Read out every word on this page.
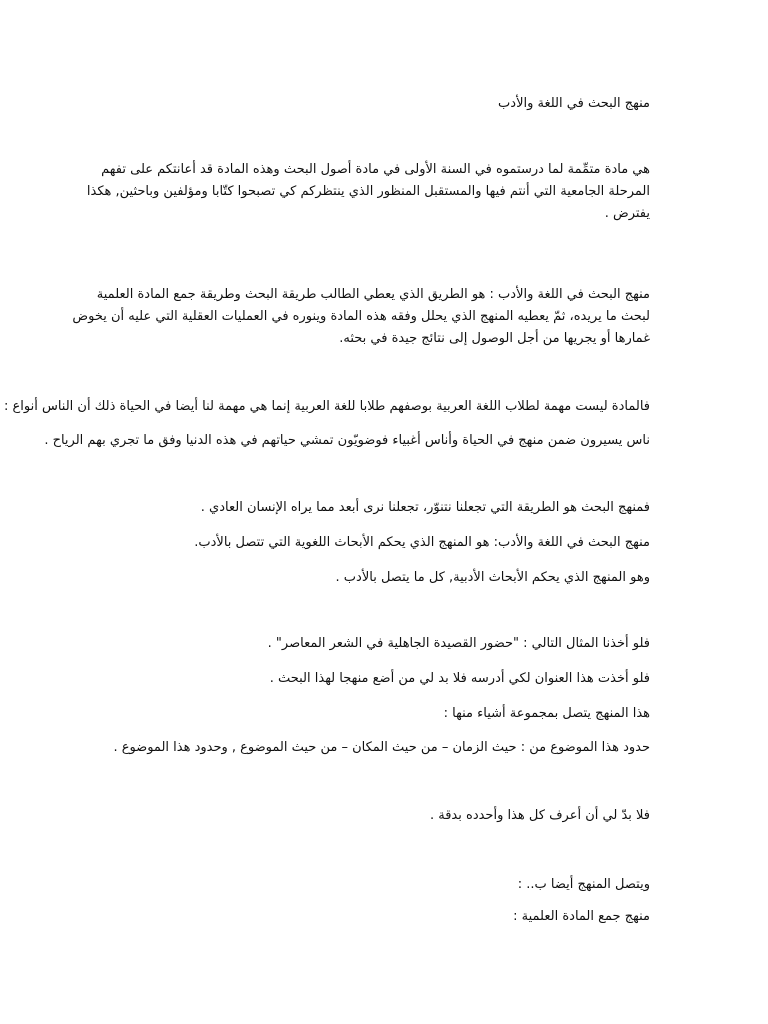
منهج البحث في اللغة والأدب

هي مادة متمِّمة لما درستموه في السنة الأولى في مادة أصول البحث وهذه المادة قد أعانتكم على تفهم المرحلة الجامعية التي أنتم فيها والمستقبل المنظور الذي ينتظركم كي تصبحوا كتّابا ومؤلفين وباحثين, هكذا يفترض .

منهج البحث في اللغة والأدب : هو الطريق الذي يعطي الطالب طريقة البحث وطريقة جمع المادة العلمية لبحث ما يريده، ثمّ يعطيه المنهج الذي يحلل وفقه هذه المادة وينوره في العمليات العقلية التي عليه أن يخوض غمارها أو يجريها من أجل الوصول إلى نتائج جيدة في بحثه.

فالمادة ليست مهمة لطلاب اللغة العربية بوصفهم طلابا للغة العربية إنما هي مهمة لنا أيضا في الحياة ذلك أن الناس أنواع :

ناس يسيرون ضمن منهج في الحياة وأناس أغبياء فوضويّون تمشي حياتهم في هذه الدنيا وفق ما تجري بهم الرياح .

فمنهج البحث هو الطريقة التي تجعلنا نتنوّر، تجعلنا نرى أبعد مما يراه الإنسان العادي .

منهج البحث في اللغة والأدب: هو المنهج الذي يحكم الأبحاث اللغوية التي تتصل بالأدب.

وهو المنهج الذي يحكم الأبحاث الأدبية, كل ما يتصل بالأدب .

فلو أخذنا المثال التالي : "حضور القصيدة الجاهلية في الشعر المعاصر" .

فلو أخذت هذا العنوان لكي أدرسه فلا بد لي من أضع منهجا لهذا البحث .

هذا المنهج يتصل بمجموعة أشياء منها :

حدود هذا الموضوع من : حيث الزمان – من حيث المكان – من حيث الموضوع , وحدود هذا الموضوع .

فلا بدّ لي أن أعرف كل هذا وأحدده بدقة .

ويتصل المنهج أيضا ب.. :

منهج جمع المادة العلمية :
